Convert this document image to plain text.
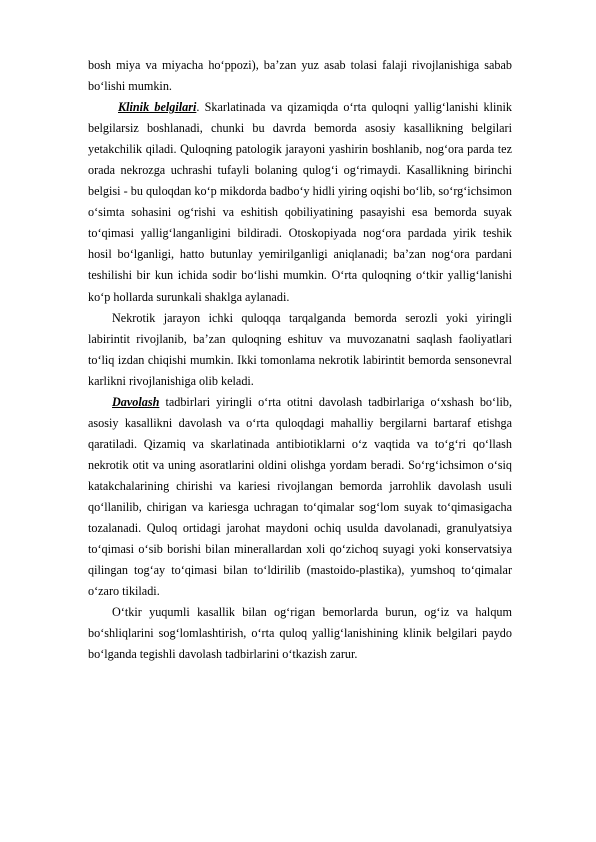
bosh miya va miyacha ho‘ppozi), ba’zan yuz asab tolasi falaji rivojlanishiga sabab bo‘lishi mumkin.

Klinik belgilari. Skarlatinada va qizamiqda o‘rta quloqni yallig‘lanishi klinik belgilarsiz boshlanadi, chunki bu davrda bemorda asosiy kasallikning belgilari yetakchilik qiladi. Quloqning patologik jarayoni yashirin boshlanib, nog‘ora parda tez orada nekrozga uchrashi tufayli bolaning qulog‘i og‘rimaydi. Kasallikning birinchi belgisi - bu quloqdan ko‘p mikdorda badbo‘y hidli yiring oqishi bo‘lib, so‘rg‘ichsimon o‘simta sohasini og‘rishi va eshitish qobiliyatining pasayishi esa bemorda suyak to‘qimasi yallig‘langanligini bildiradi. Otoskopiyada nog‘ora pardada yirik teshik hosil bo‘lganligi, hatto butunlay yemirilganligi aniqlanadi; ba’zan nog‘ora pardani teshilishi bir kun ichida sodir bo‘lishi mumkin. O‘rta quloqning o‘tkir yallig‘lanishi ko‘p hollarda surunkali shaklga aylanadi.

Nekrotik jarayon ichki quloqqa tarqalganda bemorda serozli yoki yiringli labirintit rivojlanib, ba’zan quloqning eshituv va muvozanatni saqlash faoliyatlari to‘liq izdan chiqishi mumkin. Ikki tomonlama nekrotik labirintit bemorda sensonevral karlikni rivojlanishiga olib keladi.

Davolash tadbirlari yiringli o‘rta otitni davolash tadbirlariga o‘xshash bo‘lib, asosiy kasallikni davolash va o‘rta quloqdagi mahalliy bergilarni bartaraf etishga qaratiladi. Qizamiq va skarlatinada antibiotiklarni o‘z vaqtida va to‘g‘ri qo‘llash nekrotik otit va uning asoratlarini oldini olishga yordam beradi. So‘rg‘ichsimon o‘siq katakchalarining chirishi va kariesi rivojlangan bemorda jarrohlik davolash usuli qo‘llanilib, chirigan va kariesga uchragan to‘qimalar sog‘lom suyak to‘qimasigacha tozalanadi. Quloq ortidagi jarohat maydoni ochiq usulda davolanadi, granulyatsiya to‘qimasi o‘sib borishi bilan minerallardan xoli qo‘zichoq suyagi yoki konservatsiya qilingan tog‘ay to‘qimasi bilan to‘ldirilib (mastoido-plastika), yumshoq to‘qimalar o‘zaro tikiladi.

O‘tkir yuqumli kasallik bilan og‘rigan bemorlarda burun, og‘iz va halqum bo‘shliqlarini sog‘lomlashtirish, o‘rta quloq yallig‘lanishining klinik belgilari paydo bo‘lganda tegishli davolash tadbirlarini o‘tkazish zarur.
